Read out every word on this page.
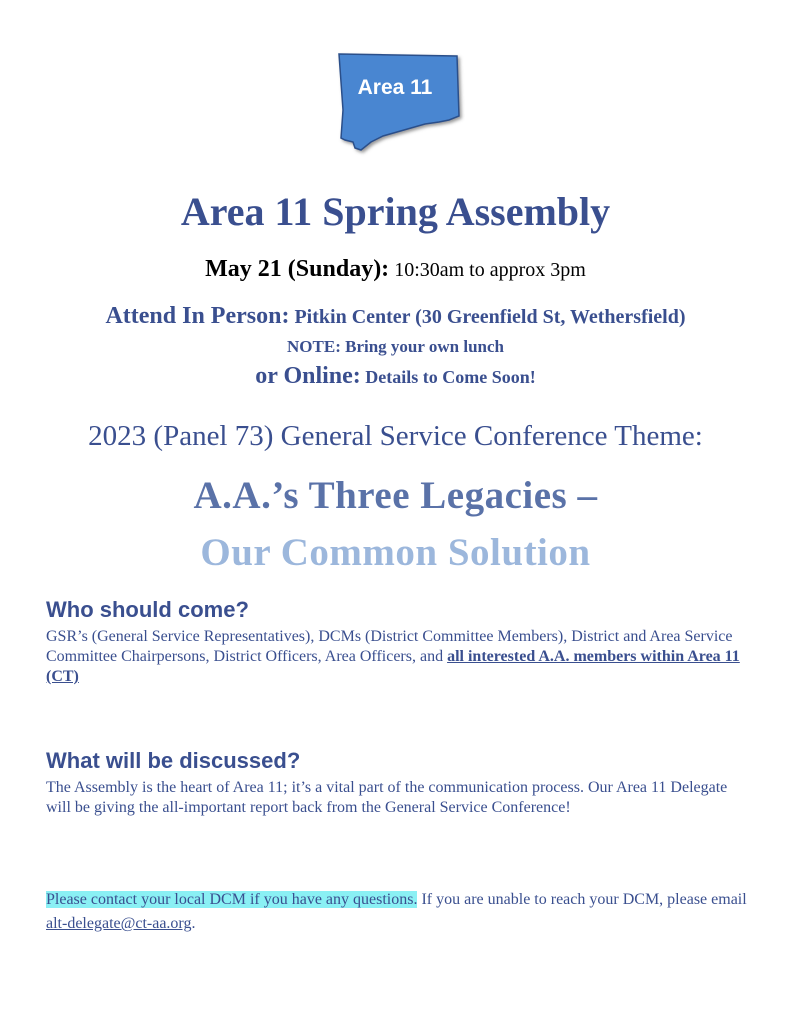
Area 11
Area 11 Spring Assembly
May 21 (Sunday): 10:30am to approx 3pm
Attend In Person: Pitkin Center (30 Greenfield St, Wethersfield)
NOTE: Bring your own lunch
or Online: Details to Come Soon!
2023 (Panel 73) General Service Conference Theme:
A.A.’s Three Legacies –
Our Common Solution
Who should come?

GSR’s (General Service Representatives), DCMs (District Committee Members), District and Area Service Committee Chairpersons, District Officers, Area Officers, and all interested A.A. members within Area 11 (CT)

What will be discussed?

The Assembly is the heart of Area 11; it’s a vital part of the communication process. Our Area 11 Delegate will be giving the all-important report back from the General Service Conference!

Please contact your local DCM if you have any questions. If you are unable to reach your DCM, please email alt-delegate@ct-aa.org.
